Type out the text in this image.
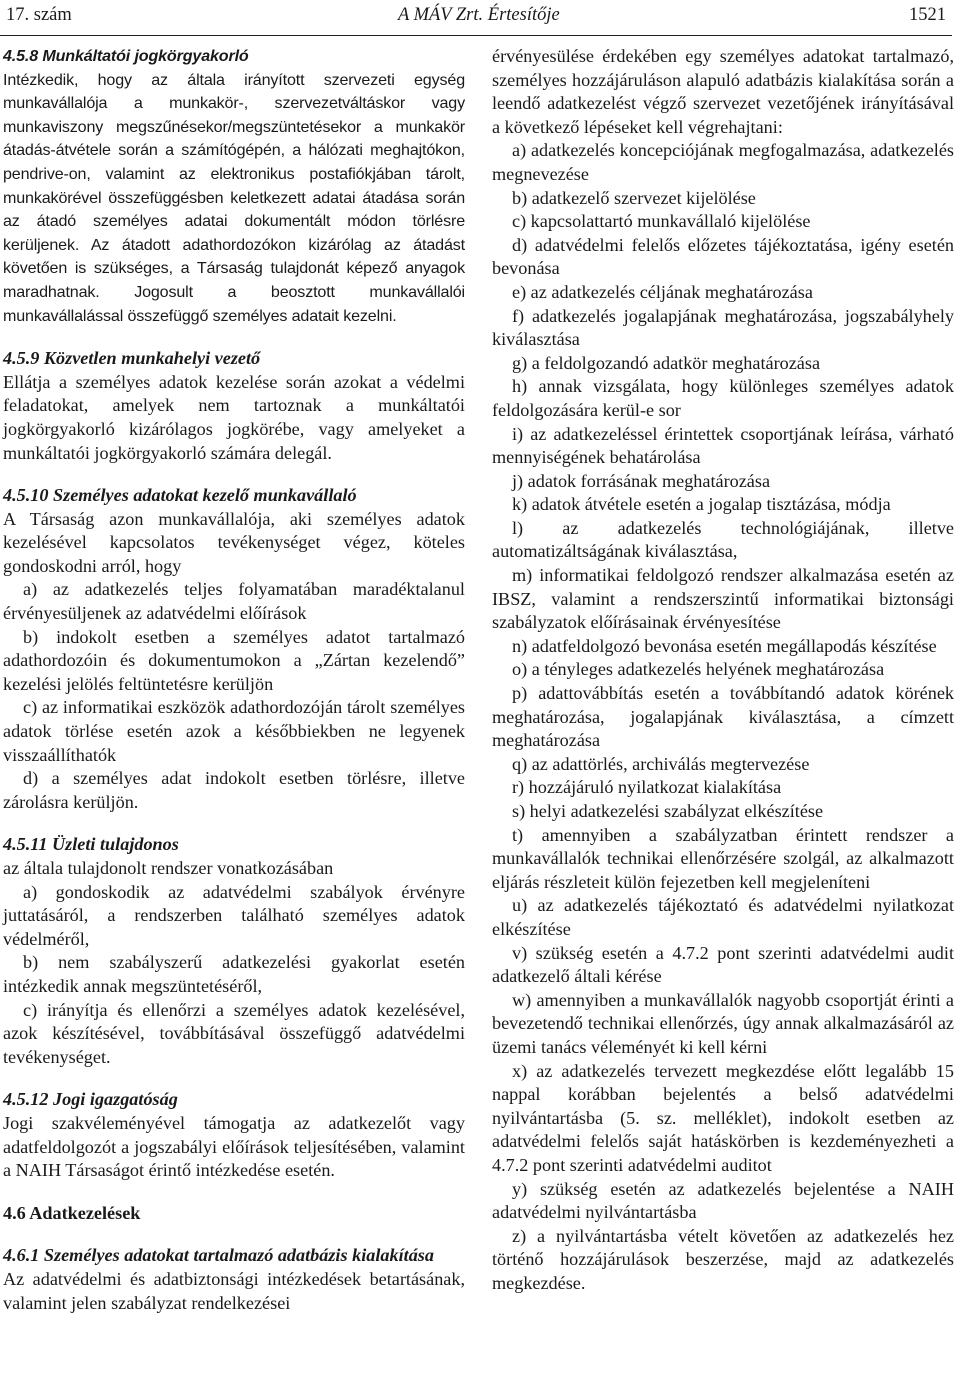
17. szám	A MÁV Zrt. Értesítője	1521

4.5.8 Munkáltatói jogkörgyakorló

Intézkedik, hogy az általa irányított szervezeti egység munkavállalója a munkakör-, szervezetváltáskor vagy munkaviszony megszűnésekor/megszüntetésekor a munkakör átadás-átvétele során a számítógépén, a hálózati meghajtókon, pendrive-on, valamint az elektronikus postafiókjában tárolt, munkakörével összefüggésben keletkezett adatai átadása során az átadó személyes adatai dokumentált módon törlésre kerüljenek. Az átadott adathordozókon kizárólag az átadást követően is szükséges, a Társaság tulajdonát képező anyagok maradhatnak. Jogosult a beosztott munkavállalói munkavállalással összefüggő személyes adatait kezelni.

4.5.9 Közvetlen munkahelyi vezető

Ellátja a személyes adatok kezelése során azokat a védelmi feladatokat, amelyek nem tartoznak a munkáltatói jogkörgyakorló kizárólagos jogkörébe, vagy amelyeket a munkáltatói jogkörgyakorló számára delegál.

4.5.10 Személyes adatokat kezelő munkavállaló

A Társaság azon munkavállalója, aki személyes adatok kezelésével kapcsolatos tevékenységet végez, köteles gondoskodni arról, hogy

a) az adatkezelés teljes folyamatában maradéktalanul érvényesüljenek az adatvédelmi előírások

b) indokolt esetben a személyes adatot tartalmazó adathordozóin és dokumentumokon a „Zártan kezelendő” kezelési jelölés feltüntetésre kerüljön

c) az informatikai eszközök adathordozóján tárolt személyes adatok törlése esetén azok a későbbiekben ne legyenek visszaállíthatók

d) a személyes adat indokolt esetben törlésre, illetve zárolásra kerüljön.

4.5.11 Üzleti tulajdonos

az általa tulajdonolt rendszer vonatkozásában

a) gondoskodik az adatvédelmi szabályok érvényre juttatásáról, a rendszerben található személyes adatok védelméről,

b) nem szabályszerű adatkezelési gyakorlat esetén intézkedik annak megszüntetéséről,

c) irányítja és ellenőrzi a személyes adatok kezelésével, azok készítésével, továbbításával összefüggő adatvédelmi tevékenységet.

4.5.12 Jogi igazgatóság

Jogi szakvéleményével támogatja az adatkezelőt vagy adatfeldolgozót a jogszabályi előírások teljesítésében, valamint a NAIH Társaságot érintő intézkedése esetén.

4.6 Adatkezelések

4.6.1 Személyes adatokat tartalmazó adatbázis kialakítása

Az adatvédelmi és adatbiztonsági intézkedések betartásának, valamint jelen szabályzat rendelkezései

érvényesülése érdekében egy személyes adatokat tartalmazó, személyes hozzájáruláson alapuló adatbázis kialakítása során a leendő adatkezelést végző szervezet vezetőjének irányításával a következő lépéseket kell végrehajtani:

a) adatkezelés koncepciójának megfogalmazása, adatkezelés megnevezése

b) adatkezelő szervezet kijelölése

c) kapcsolattartó munkavállaló kijelölése

d) adatvédelmi felelős előzetes tájékoztatása, igény esetén bevonása

e) az adatkezelés céljának meghatározása

f) adatkezelés jogalapjának meghatározása, jogszabályhely kiválasztása

g) a feldolgozandó adatkör meghatározása

h) annak vizsgálata, hogy különleges személyes adatok feldolgozására kerül-e sor

i) az adatkezeléssel érintettek csoportjának leírása, várható mennyiségének behatárolása

j) adatok forrásának meghatározása

k) adatok átvétele esetén a jogalap tisztázása, módja

l) az adatkezelés technológiájának, illetve automatizáltságának kiválasztása,

m) informatikai feldolgozó rendszer alkalmazása esetén az IBSZ, valamint a rendszerszintű informatikai biztonsági szabályzatok előírásainak érvényesítése

n) adatfeldolgozó bevonása esetén megállapodás készítése

o) a tényleges adatkezelés helyének meghatározása

p) adattovábbítás esetén a továbbítandó adatok körének meghatározása, jogalapjának kiválasztása, a címzett meghatározása

q) az adattörlés, archiválás megtervezése

r) hozzájáruló nyilatkozat kialakítása

s) helyi adatkezelési szabályzat elkészítése

t) amennyiben a szabályzatban érintett rendszer a munkavállalók technikai ellenőrzésére szolgál, az alkalmazott eljárás részleteit külön fejezetben kell megjeleníteni

u) az adatkezelés tájékoztató és adatvédelmi nyilatkozat elkészítése

v) szükség esetén a 4.7.2 pont szerinti adatvédelmi audit adatkezelő általi kérése

w) amennyiben a munkavállalók nagyobb csoportját érinti a bevezetendő technikai ellenőrzés, úgy annak alkalmazásáról az üzemi tanács véleményét ki kell kérni

x) az adatkezelés tervezett megkezdése előtt legalább 15 nappal korábban bejelentés a belső adatvédelmi nyilvántartásba (5. sz. melléklet), indokolt esetben az adatvédelmi felelős saját hatáskörben is kezdeményezheti a 4.7.2 pont szerinti adatvédelmi auditot

y) szükség esetén az adatkezelés bejelentése a NAIH adatvédelmi nyilvántartásba

z) a nyilvántartásba vételt követően az adatkezelés hez történő hozzájárulások beszerzése, majd az adatkezelés megkezdése.
